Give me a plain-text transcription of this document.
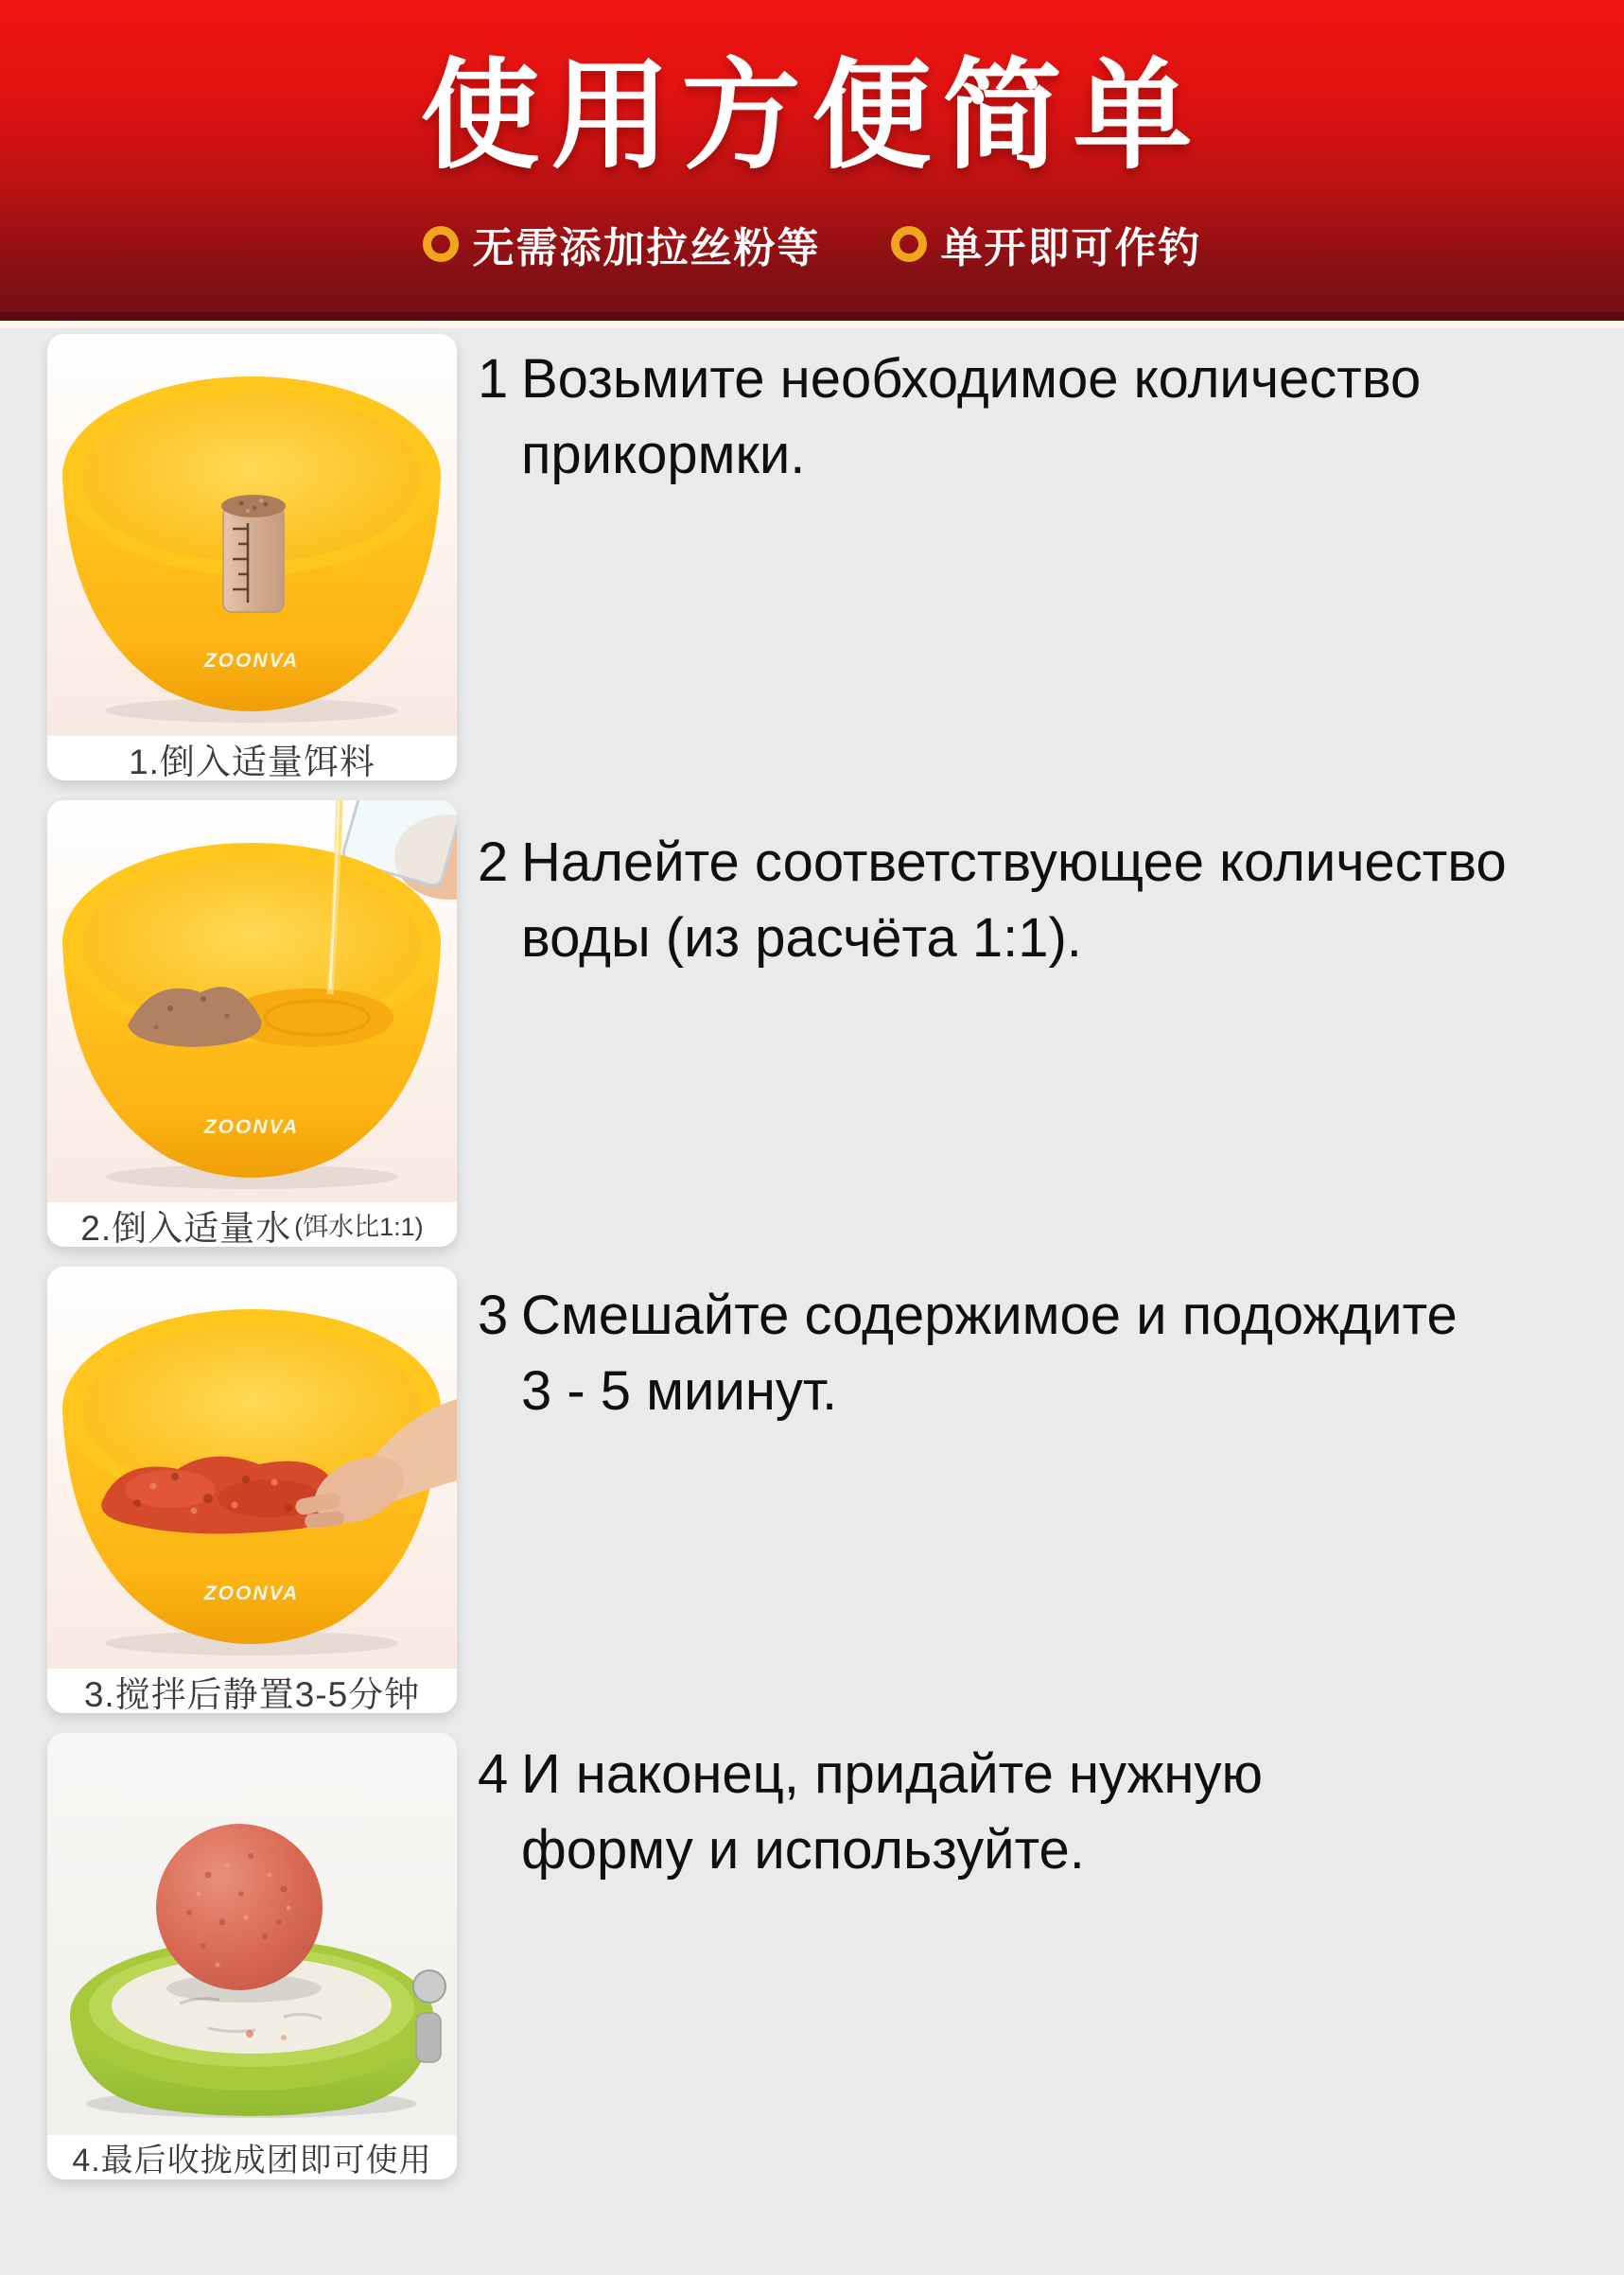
使用方便简单
无需添加拉丝粉等	单开即可作钓
ZOONVA
1.倒入适量饵料
1 Возьмите необходимое количество
прикормки.
ZOONVA
2.倒入适量水 (饵水比1:1)
2 Налейте соответствующее количество
воды (из расчёта 1:1).
ZOONVA
3.搅拌后静置3-5分钟
3 Смешайте содержимое и подождите
3 - 5 миинут.
4.最后收拢成团即可使用
4 И наконец, придайте нужную
форму и используйте.
